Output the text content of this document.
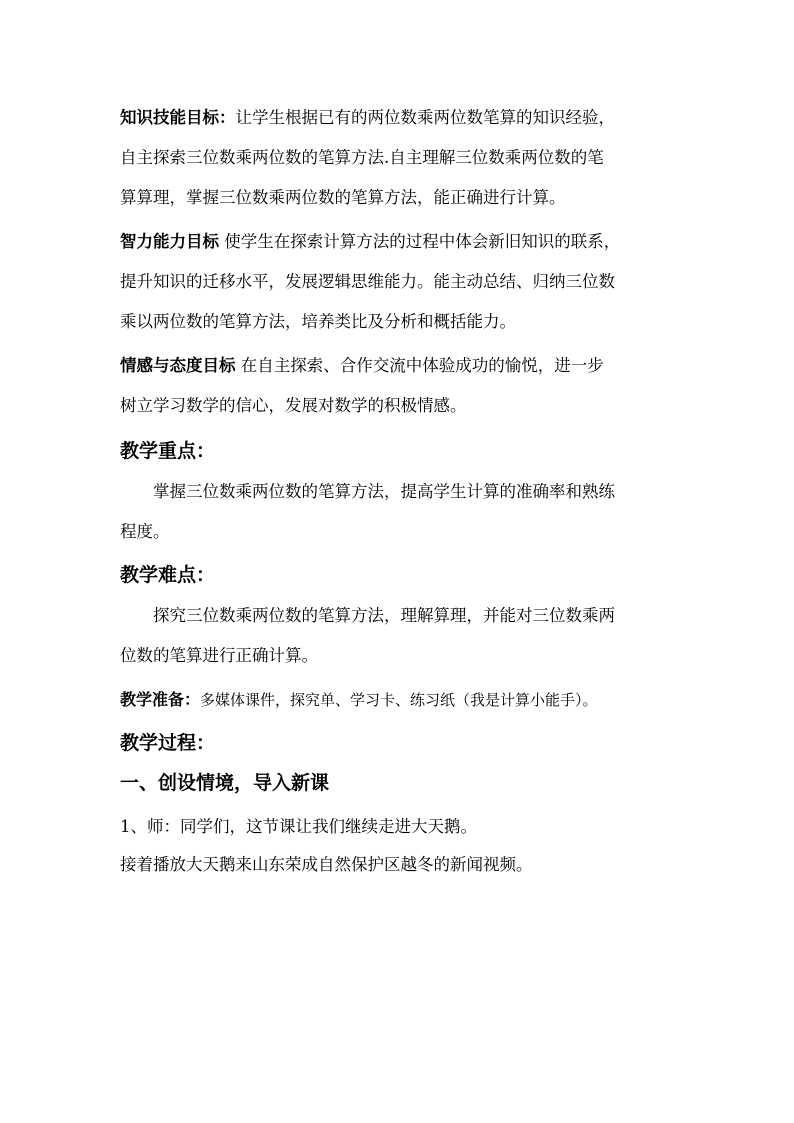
知识技能目标：让学生根据已有的两位数乘两位数笔算的知识经验，
自主探索三位数乘两位数的笔算方法.自主理解三位数乘两位数的笔
算算理，掌握三位数乘两位数的笔算方法，能正确进行计算。

智力能力目标 使学生在探索计算方法的过程中体会新旧知识的联系，
提升知识的迁移水平，发展逻辑思维能力。能主动总结、归纳三位数
乘以两位数的笔算方法，培养类比及分析和概括能力。

情感与态度目标 在自主探索、合作交流中体验成功的愉悦，进一步
树立学习数学的信心，发展对数学的积极情感。

教学重点：

掌握三位数乘两位数的笔算方法，提高学生计算的准确率和熟练
程度。

教学难点：

探究三位数乘两位数的笔算方法，理解算理，并能对三位数乘两
位数的笔算进行正确计算。

教学准备：多媒体课件，探究单、学习卡、练习纸（我是计算小能手）。

教学过程：

一、创设情境，导入新课

1、师：同学们，这节课让我们继续走进大天鹅。
接着播放大天鹅来山东荣成自然保护区越冬的新闻视频。
